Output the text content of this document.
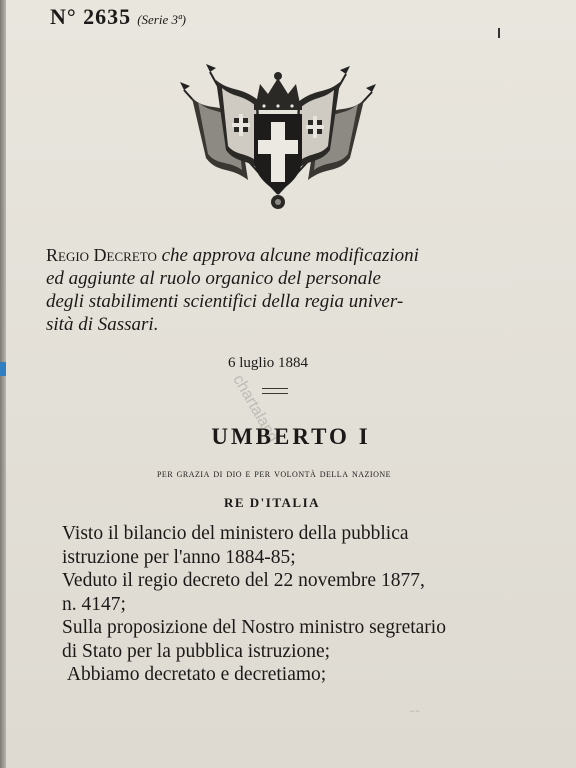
N° 2635 (Serie 3ª)
Regio Decreto che approva alcune modificazioni
ed aggiunte al ruolo organico del personale
degli stabilimenti scientifici della regia univer-
sità di Sassari.
6 luglio 1884
chartaland
UMBERTO I
per grazia di dio e per volontà della nazione
RE D'ITALIA

Visto il bilancio del ministero della pubblica
istruzione per l'anno 1884-85;

Veduto il regio decreto del 22 novembre 1877,
n. 4147;

Sulla proposizione del Nostro ministro segretario
di Stato per la pubblica istruzione;

Abbiamo decretato e decretiamo;

~ ~
